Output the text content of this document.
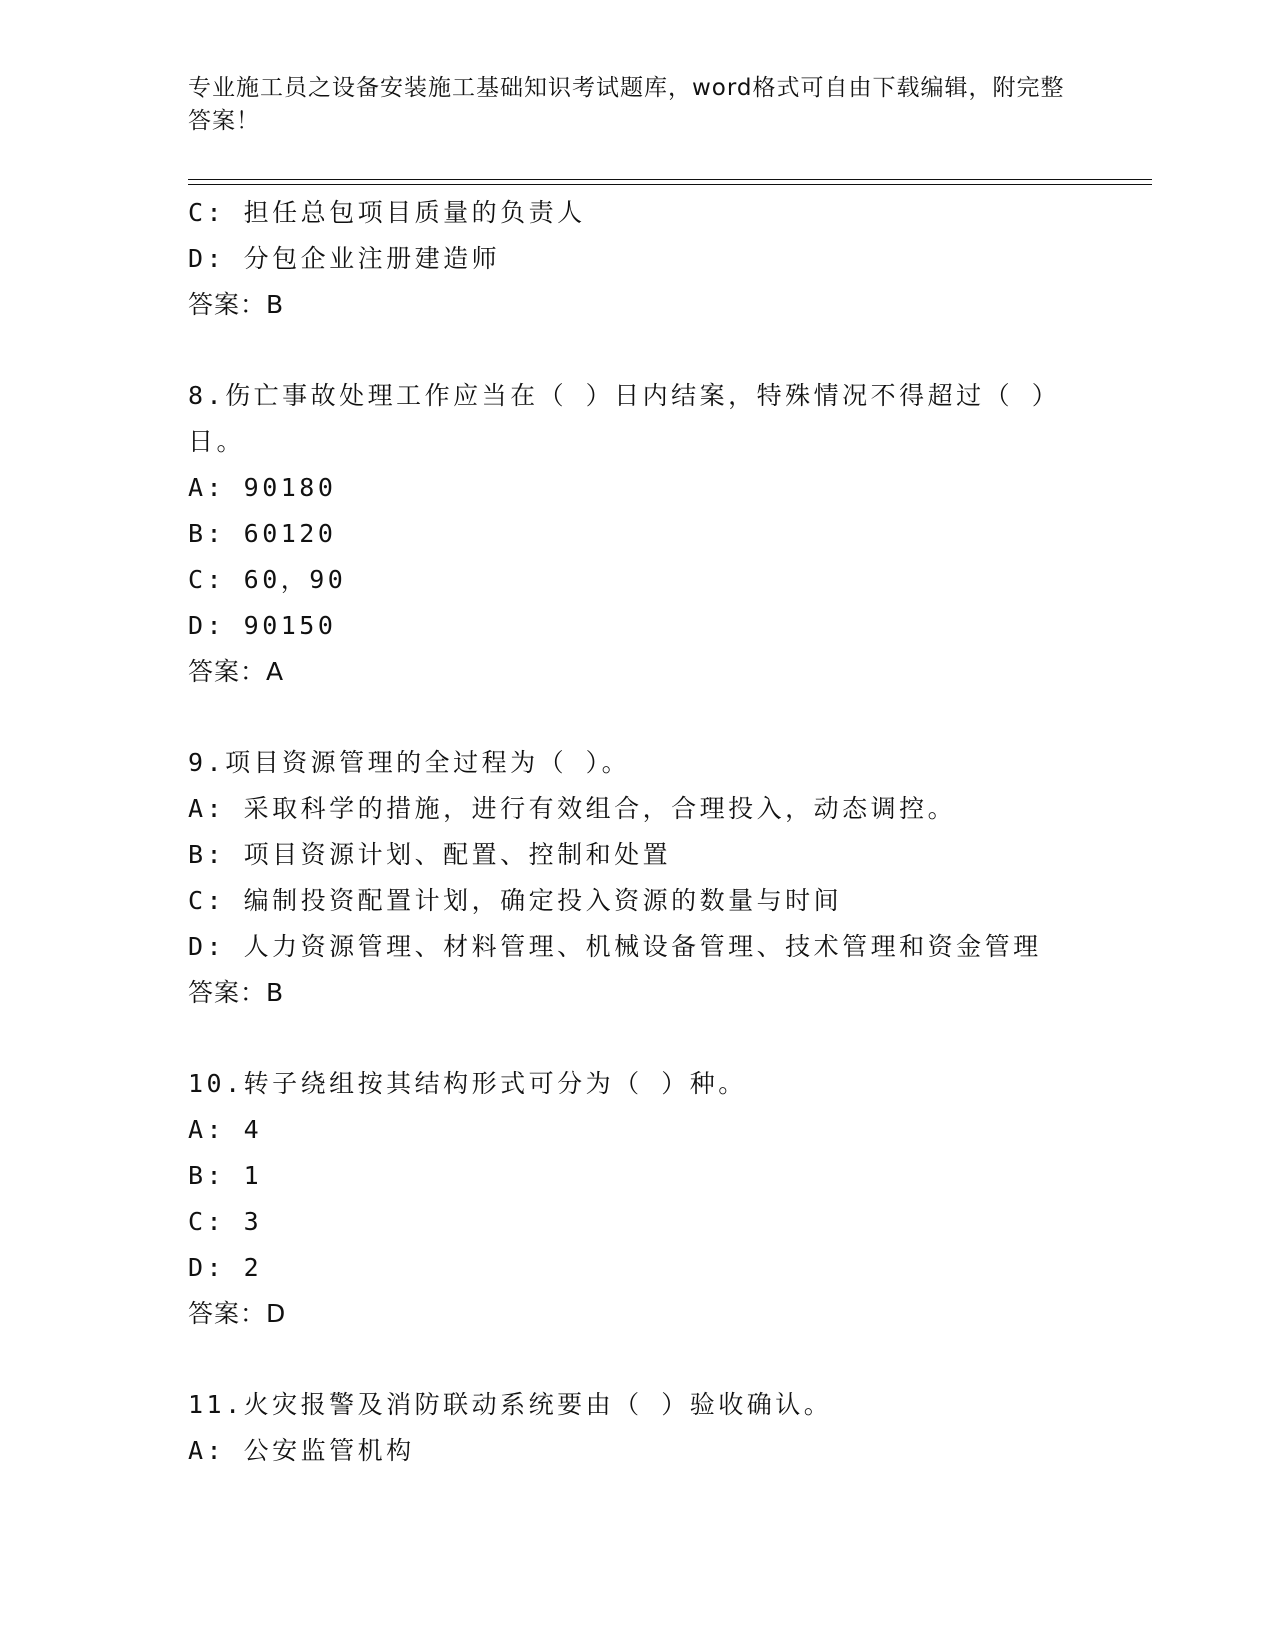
专业施工员之设备安装施工基础知识考试题库，word格式可自由下载编辑，附完整答案！
C: 担任总包项目质量的负责人
D: 分包企业注册建造师
答案：B
8.伤亡事故处理工作应当在（ ）日内结案，特殊情况不得超过（ ）日。
A: 90180
B: 60120
C: 60，90
D: 90150
答案：A
9.项目资源管理的全过程为（ ）。
A: 采取科学的措施，进行有效组合，合理投入，动态调控。
B: 项目资源计划、配置、控制和处置
C: 编制投资配置计划，确定投入资源的数量与时间
D: 人力资源管理、材料管理、机械设备管理、技术管理和资金管理
答案：B
10.转子绕组按其结构形式可分为（ ）种。
A: 4
B: 1
C: 3
D: 2
答案：D
11.火灾报警及消防联动系统要由（ ）验收确认。
A: 公安监管机构
